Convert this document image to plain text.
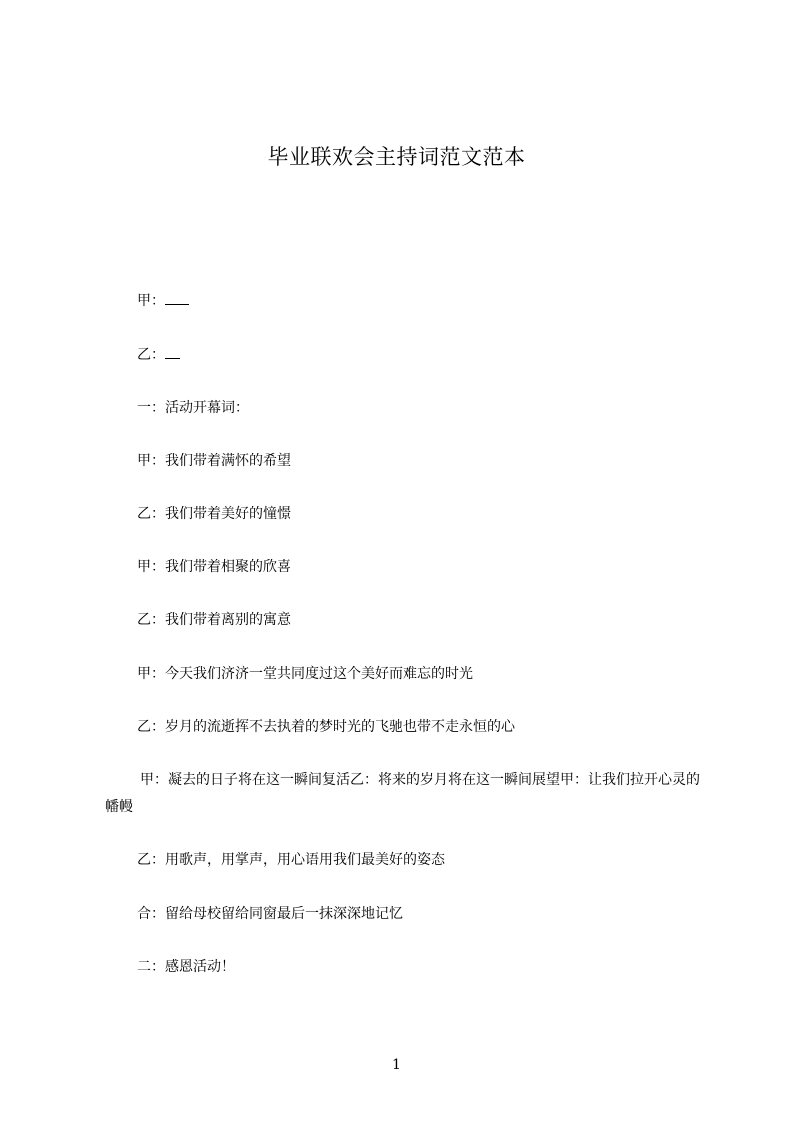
毕业联欢会主持词范文范本
甲：
乙：
一：活动开幕词：
甲：我们带着满怀的希望
乙：我们带着美好的憧憬
甲：我们带着相聚的欣喜
乙：我们带着离别的寓意
甲：今天我们济济一堂共同度过这个美好而难忘的时光
乙：岁月的流逝挥不去执着的梦时光的飞驰也带不走永恒的心
甲：凝去的日子将在这一瞬间复活乙：将来的岁月将在这一瞬间展望甲：让我们拉开心灵的幡幔
乙：用歌声，用掌声，用心语用我们最美好的姿态
合：留给母校留给同窗最后一抹深深地记忆
二：感恩活动！
1
